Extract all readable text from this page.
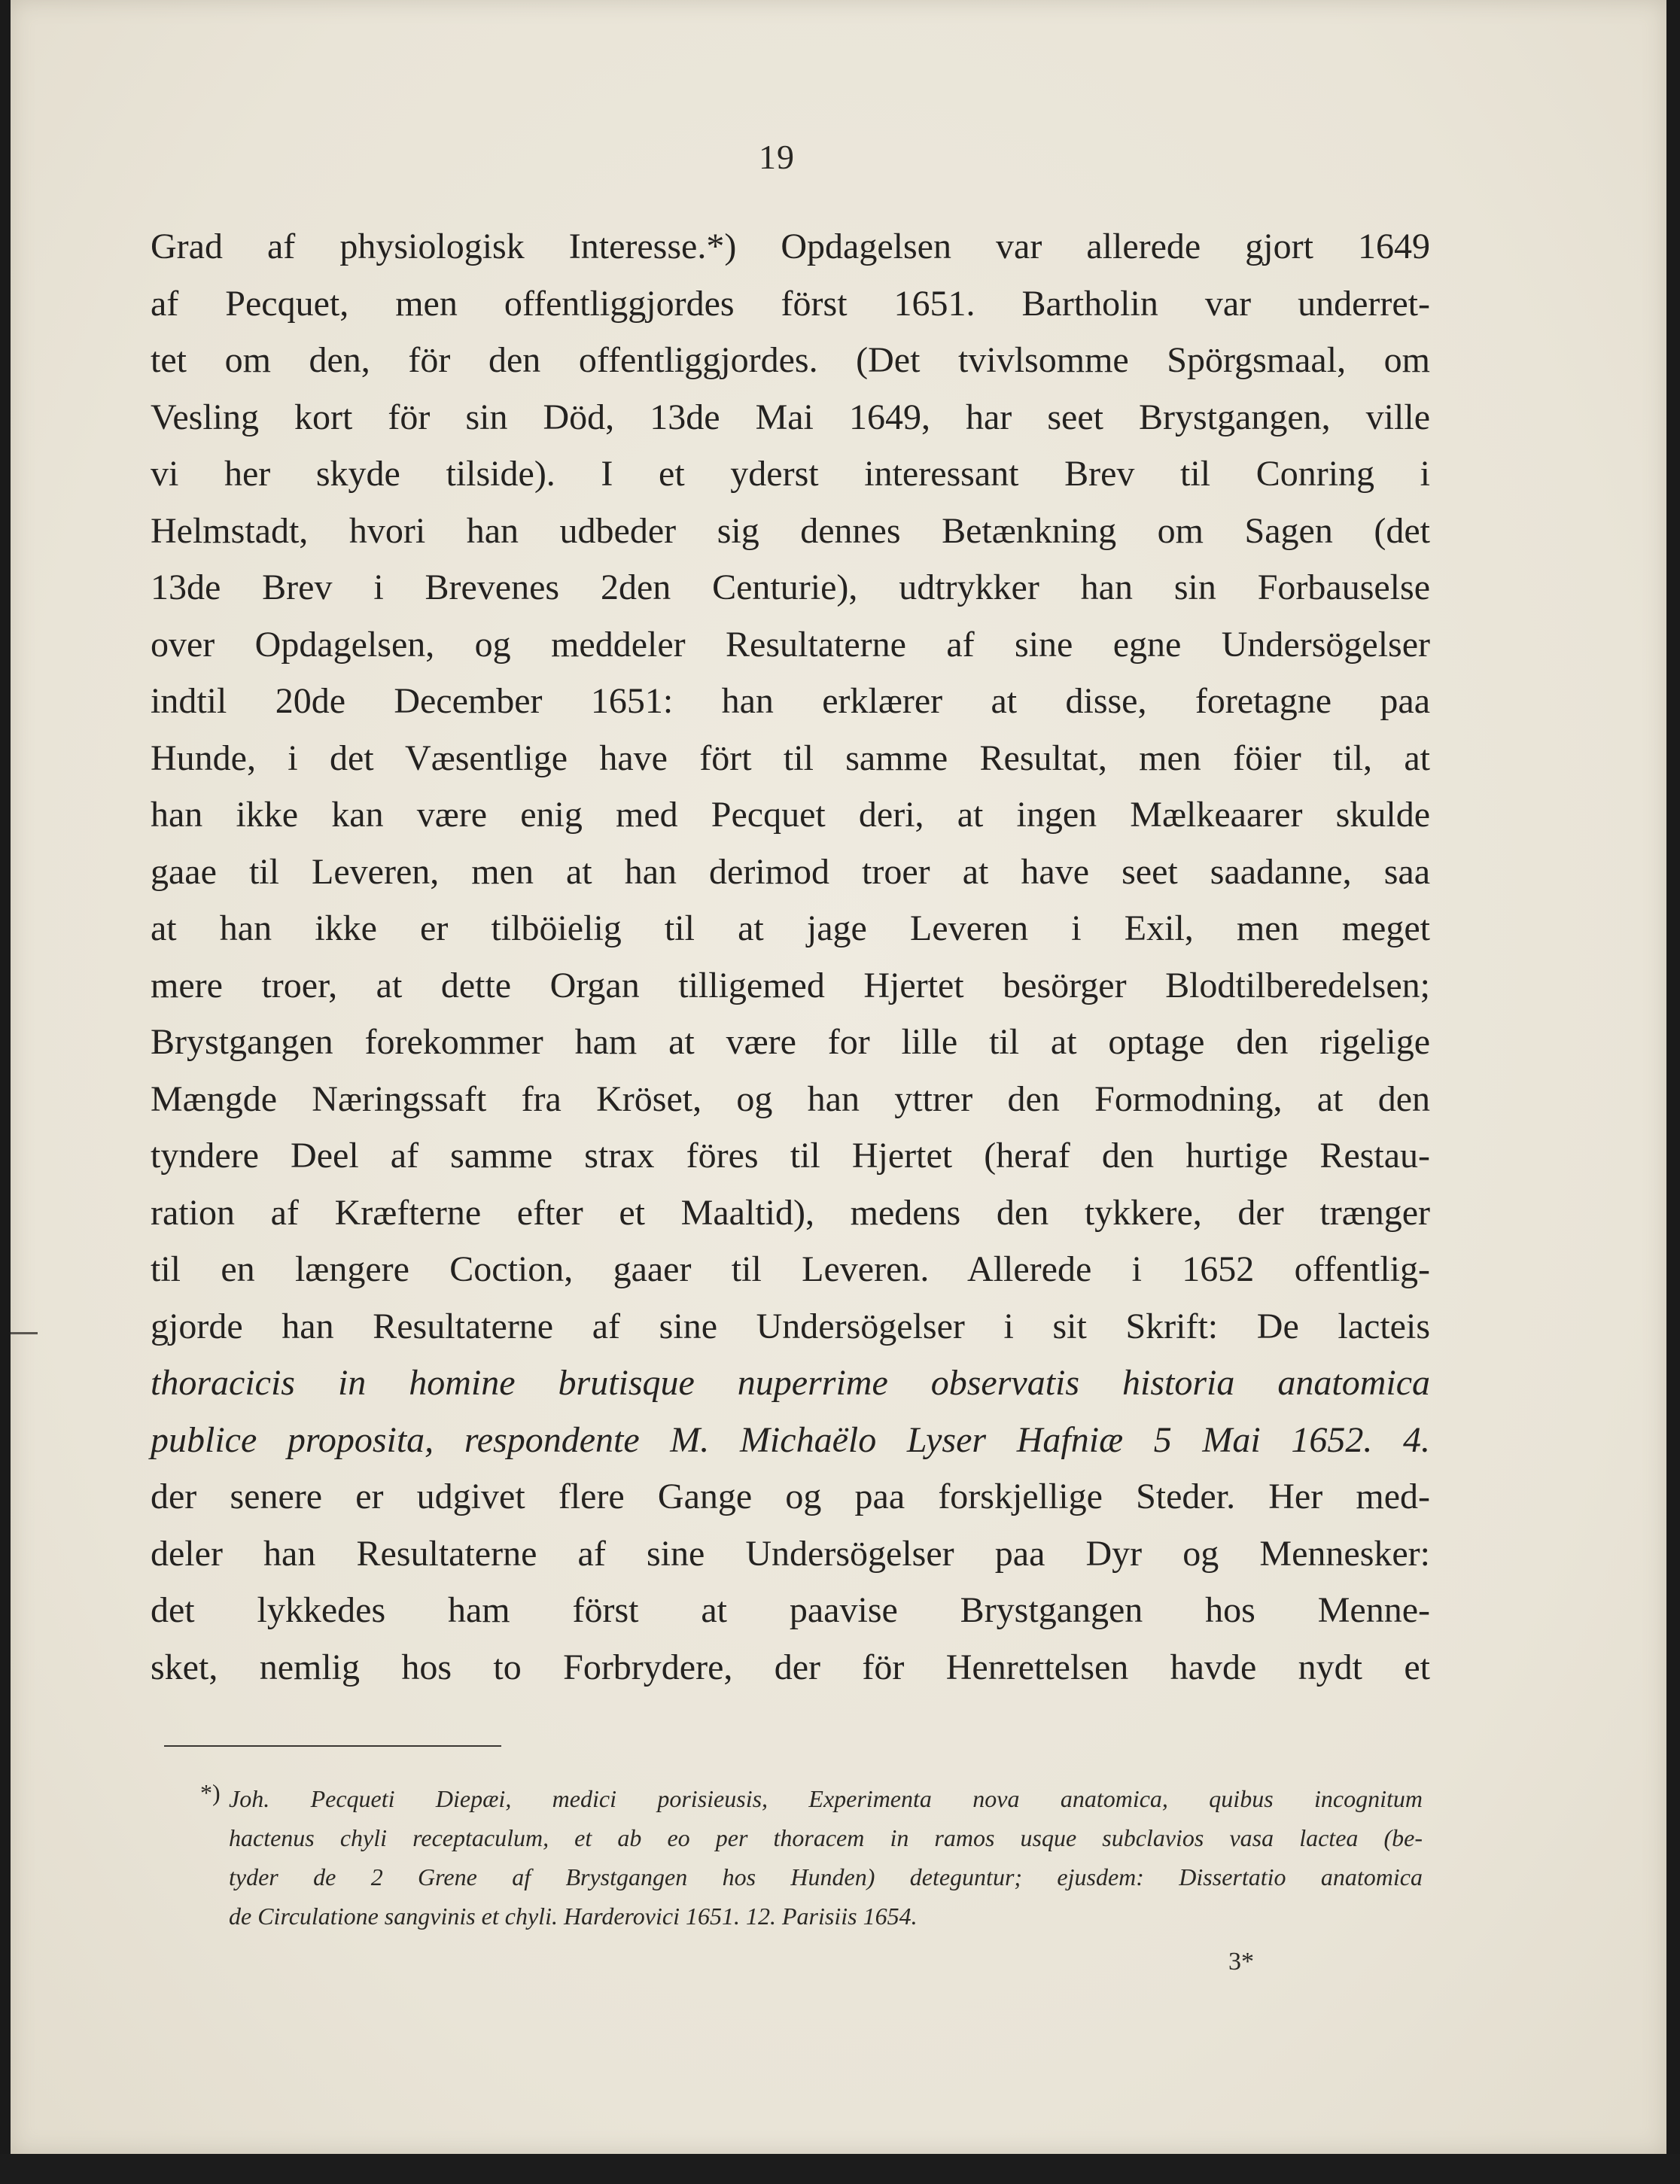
19
Grad af physiologisk Interesse.*) Opdagelsen var allerede gjort 1649
af Pecquet, men offentliggjordes först 1651. Bartholin var underret-
tet om den, för den offentliggjordes. (Det tvivlsomme Spörgsmaal, om
Vesling kort för sin Död, 13de Mai 1649, har seet Brystgangen, ville
vi her skyde tilside). I et yderst interessant Brev til Conring i
Helmstadt, hvori han udbeder sig dennes Betænkning om Sagen (det
13de Brev i Brevenes 2den Centurie), udtrykker han sin Forbauselse
over Opdagelsen, og meddeler Resultaterne af sine egne Undersögelser
indtil 20de December 1651: han erklærer at disse, foretagne paa
Hunde, i det Væsentlige have fört til samme Resultat, men föier til, at
han ikke kan være enig med Pecquet deri, at ingen Mælkeaarer skulde
gaae til Leveren, men at han derimod troer at have seet saadanne, saa
at han ikke er tilböielig til at jage Leveren i Exil, men meget
mere troer, at dette Organ tilligemed Hjertet besörger Blodtilberedelsen;
Brystgangen forekommer ham at være for lille til at optage den rigelige
Mængde Næringssaft fra Kröset, og han yttrer den Formodning, at den
tyndere Deel af samme strax föres til Hjertet (heraf den hurtige Restau-
ration af Kræfterne efter et Maaltid), medens den tykkere, der trænger
til en længere Coction, gaaer til Leveren. Allerede i 1652 offentlig-
gjorde han Resultaterne af sine Undersögelser i sit Skrift: De lacteis
thoracicis in homine brutisque nuperrime observatis historia anatomica
publice proposita, respondente M. Michaëlo Lyser Hafniæ 5 Mai 1652. 4.
der senere er udgivet flere Gange og paa forskjellige Steder. Her med-
deler han Resultaterne af sine Undersögelser paa Dyr og Mennesker:
det lykkedes ham först at paavise Brystgangen hos Menne-
sket, nemlig hos to Forbrydere, der för Henrettelsen havde nydt et
*) Joh. Pecqueti Diepæi, medici porisieusis, Experimenta nova anatomica, quibus incognitum
hactenus chyli receptaculum, et ab eo per thoracem in ramos usque subclavios vasa lactea (be-
tyder de 2 Grene af Brystgangen hos Hunden) deteguntur; ejusdem: Dissertatio anatomica
de Circulatione sangvinis et chyli. Harderovici 1651. 12. Parisiis 1654.
3*
